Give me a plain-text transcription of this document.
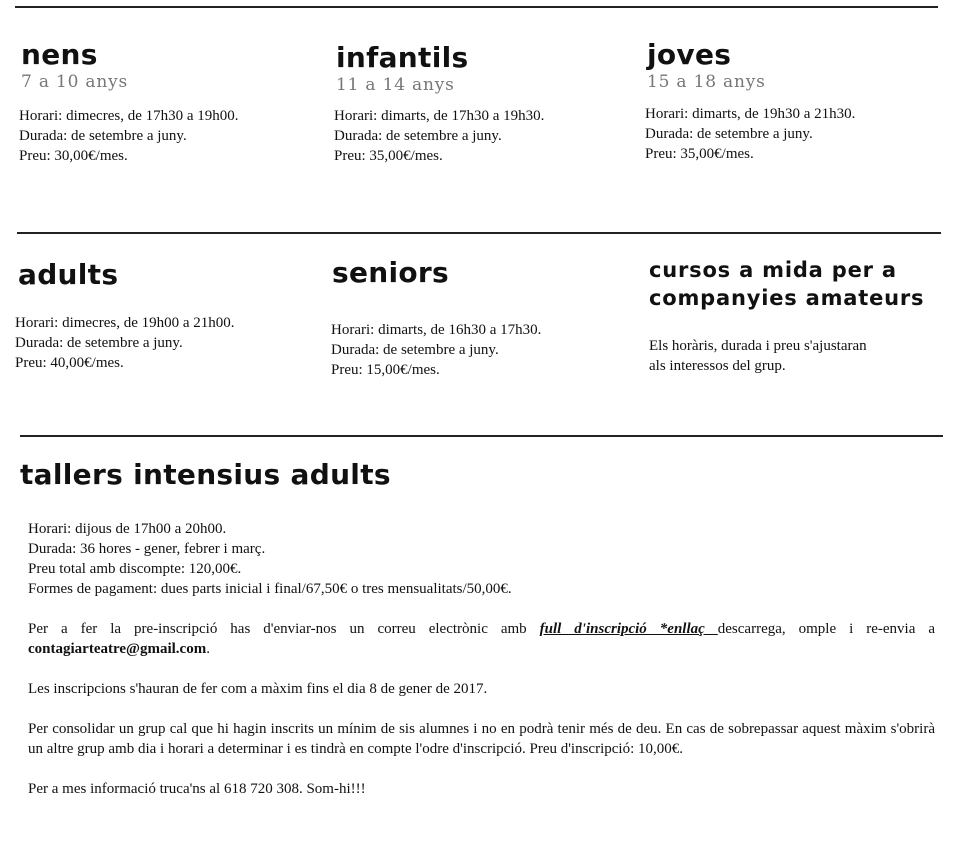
nens
7 a 10 anys

Horari: dimecres, de 17h30 a 19h00.

Durada: de setembre a juny.

Preu: 30,00€/mes.

infantils
11 a 14 anys

Horari: dimarts, de 17h30 a 19h30.

Durada: de setembre a juny.

Preu: 35,00€/mes.

joves
15 a 18 anys

Horari: dimarts, de 19h30 a 21h30.

Durada: de setembre a juny.

Preu: 35,00€/mes.

adults

Horari: dimecres, de 19h00 a 21h00.

Durada: de setembre a juny.

Preu: 40,00€/mes.

seniors

Horari: dimarts, de 16h30 a 17h30.

Durada: de setembre a juny.

Preu: 15,00€/mes.

cursos a mida per a
companyies amateurs

Els horàris, durada i preu s'ajustaran

als interessos del grup.

tallers intensius adults

Horari: dijous de 17h00 a 20h00.

Durada: 36 hores - gener, febrer i març.

Preu total amb discompte: 120,00€.

Formes de pagament: dues parts inicial i final/67,50€ o tres mensualitats/50,00€.

Per a fer la pre-inscripció has d'enviar-nos un correu electrònic amb full d'inscripció *enllaç descarrega, omple i re-envia a contagiarteatre@gmail.com.

Les inscripcions s'hauran de fer com a màxim fins el dia 8 de gener de 2017.

Per consolidar un grup cal que hi hagin inscrits un mínim de sis alumnes i no en podrà tenir més de deu. En cas de sobrepassar aquest màxim s'obrirà un altre grup amb dia i horari a determinar i es tindrà en compte l'odre d'inscripció. Preu d'inscripció: 10,00€.

Per a mes informació truca'ns al 618 720 308. Som-hi!!!
